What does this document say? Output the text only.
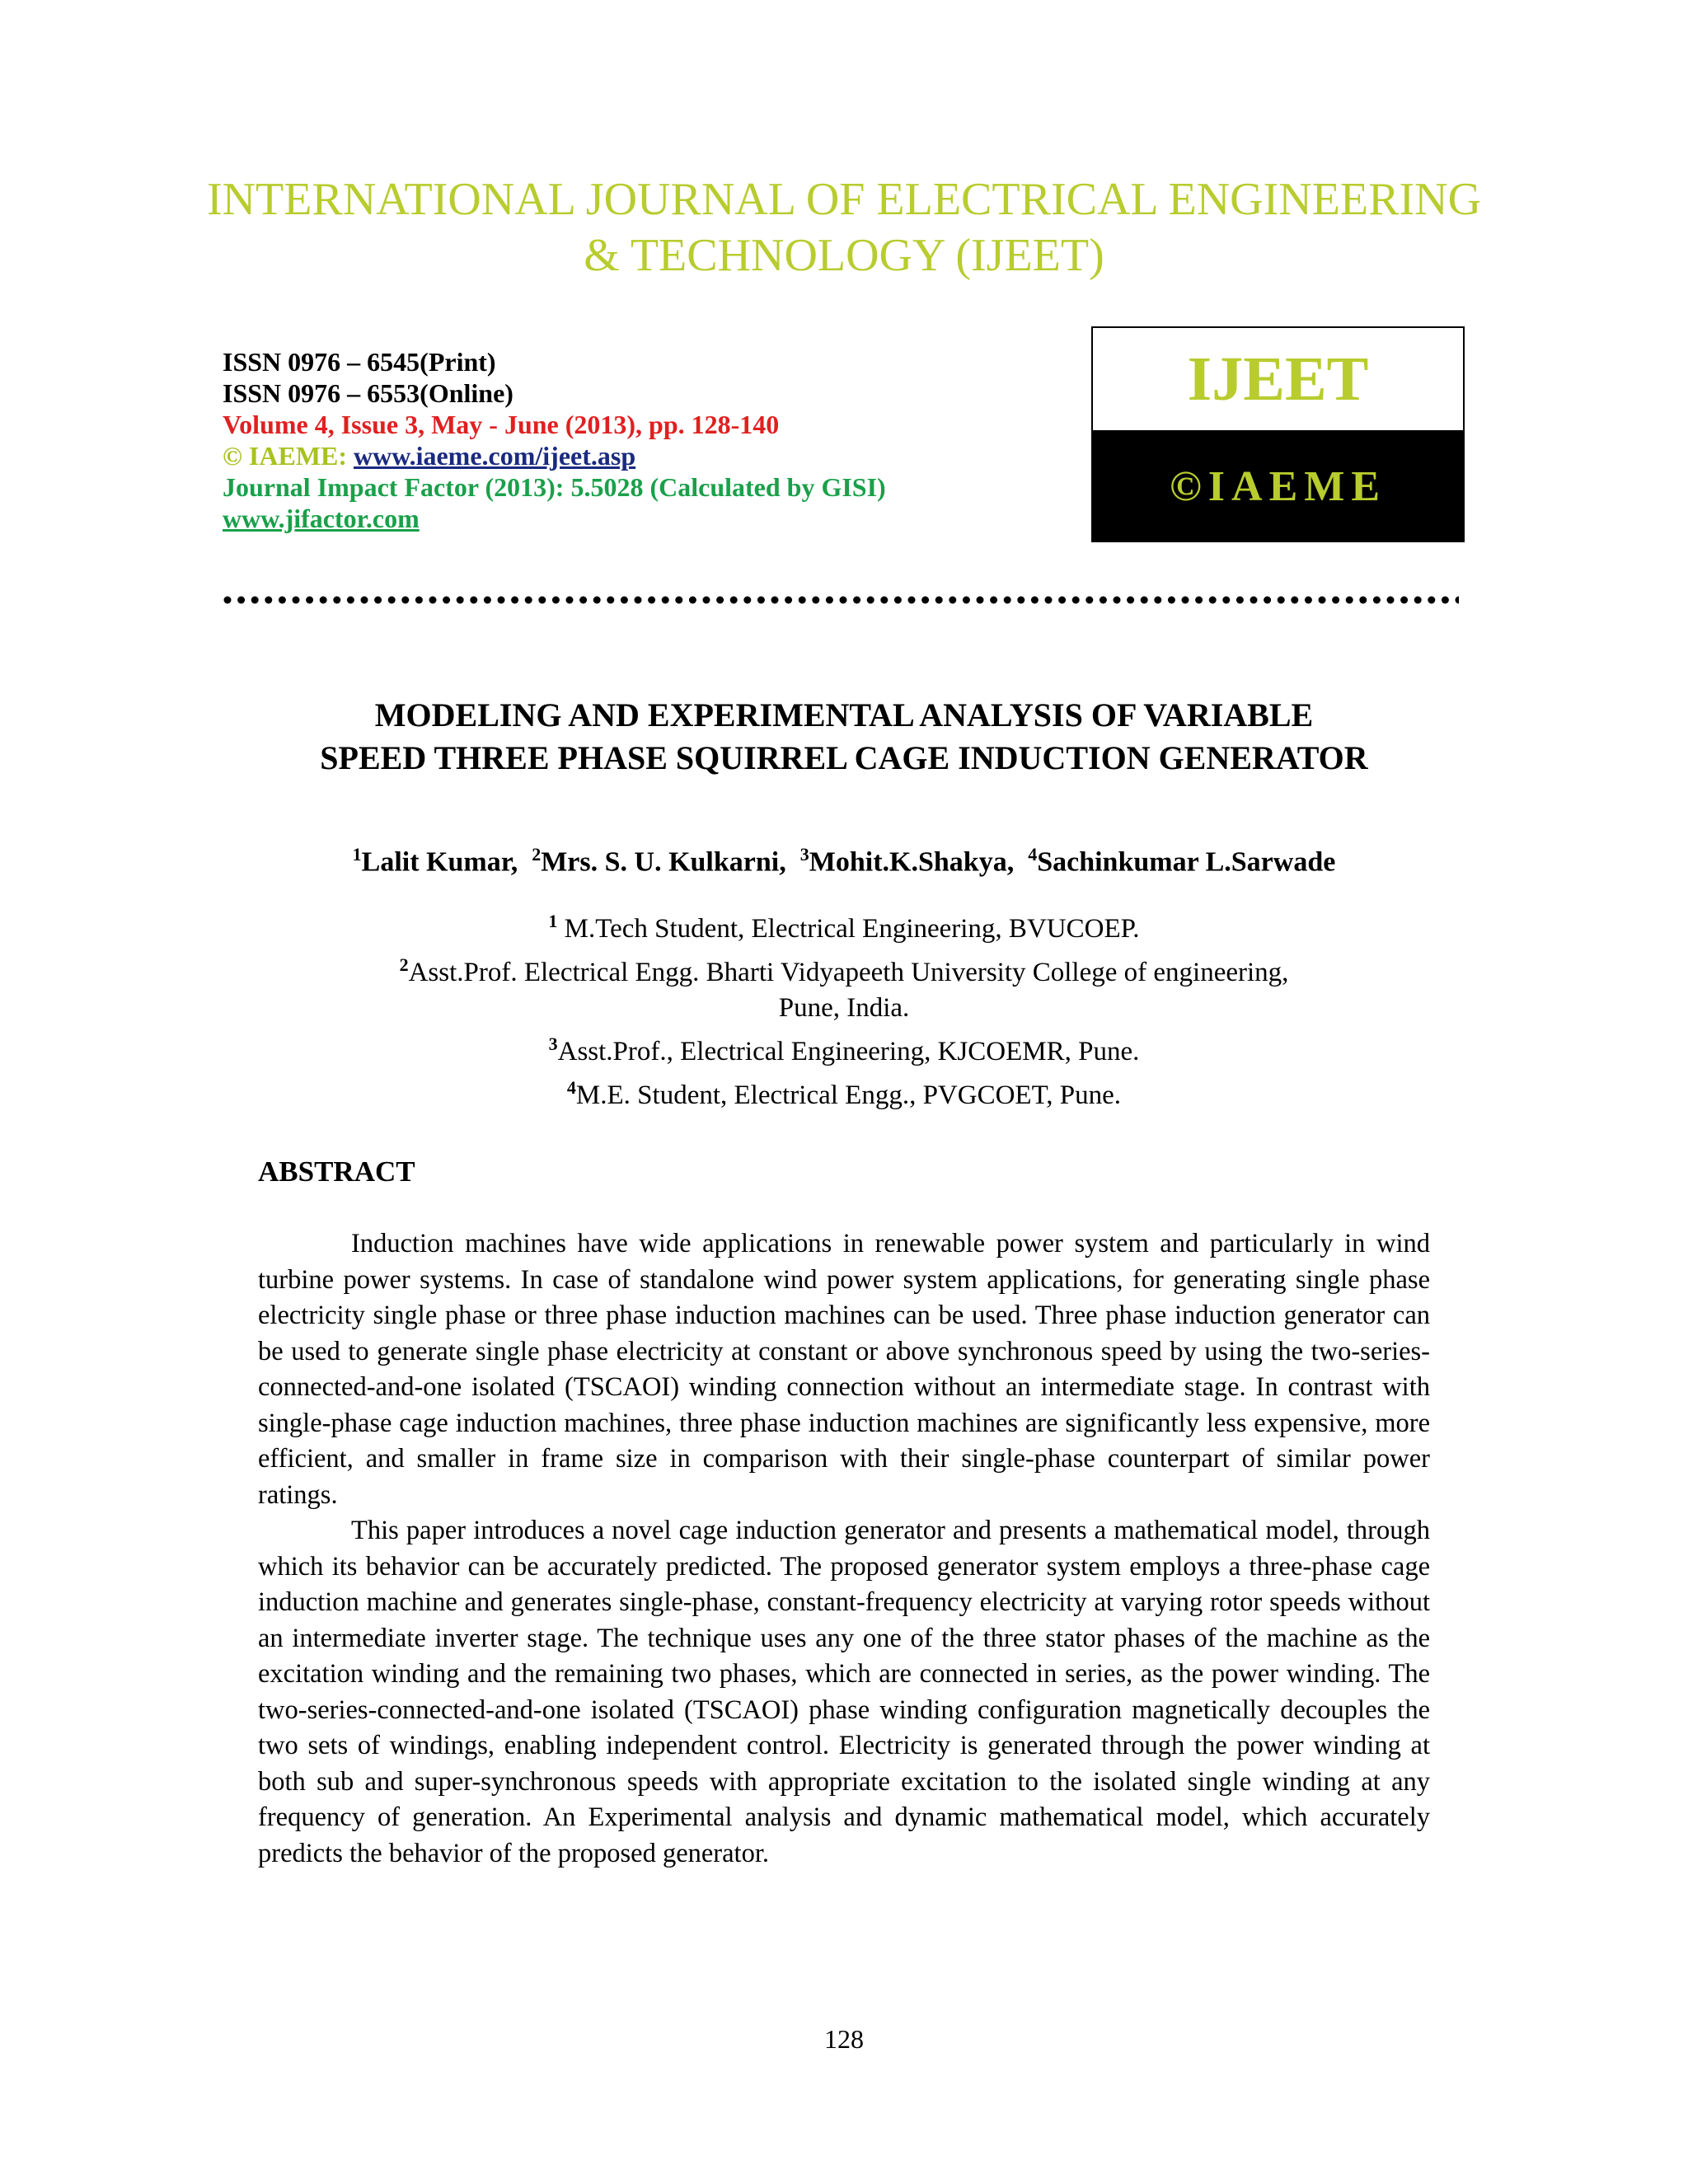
INTERNATIONAL JOURNAL OF ELECTRICAL ENGINEERING
& TECHNOLOGY (IJEET)
ISSN 0976 – 6545(Print)
ISSN 0976 – 6553(Online)
Volume 4, Issue 3, May - June (2013), pp. 128-140
© IAEME: www.iaeme.com/ijeet.asp
Journal Impact Factor (2013): 5.5028 (Calculated by GISI)
www.jifactor.com
IJEET
©IAEME
MODELING AND EXPERIMENTAL ANALYSIS OF VARIABLE
SPEED THREE PHASE SQUIRREL CAGE INDUCTION GENERATOR
$^1$Lalit Kumar, $^2$Mrs. S. U. Kulkarni, $^3$Mohit.K.Shakya, $^4$Sachinkumar L.Sarwade
$^1$ M.Tech Student, Electrical Engineering, BVUCOEP.
$^2$Asst.Prof. Electrical Engg. Bharti Vidyapeeth University College of engineering,
Pune, India.
$^3$Asst.Prof., Electrical Engineering, KJCOEMR, Pune.
$^4$M.E. Student, Electrical Engg., PVGCOET, Pune.
ABSTRACT

Induction machines have wide applications in renewable power system and particularly in wind turbine power systems. In case of standalone wind power system applications, for generating single phase electricity single phase or three phase induction machines can be used. Three phase induction generator can be used to generate single phase electricity at constant or above synchronous speed by using the two-series-connected-and-one isolated (TSCAOI) winding connection without an intermediate stage. In contrast with single-phase cage induction machines, three phase induction machines are significantly less expensive, more efficient, and smaller in frame size in comparison with their single-phase counterpart of similar power ratings.

This paper introduces a novel cage induction generator and presents a mathematical model, through which its behavior can be accurately predicted. The proposed generator system employs a three-phase cage induction machine and generates single-phase, constant-frequency electricity at varying rotor speeds without an intermediate inverter stage. The technique uses any one of the three stator phases of the machine as the excitation winding and the remaining two phases, which are connected in series, as the power winding. The two-series-connected-and-one isolated (TSCAOI) phase winding configuration magnetically decouples the two sets of windings, enabling independent control. Electricity is generated through the power winding at both sub and super-synchronous speeds with appropriate excitation to the isolated single winding at any frequency of generation. An Experimental analysis and dynamic mathematical model, which accurately predicts the behavior of the proposed generator.

128
